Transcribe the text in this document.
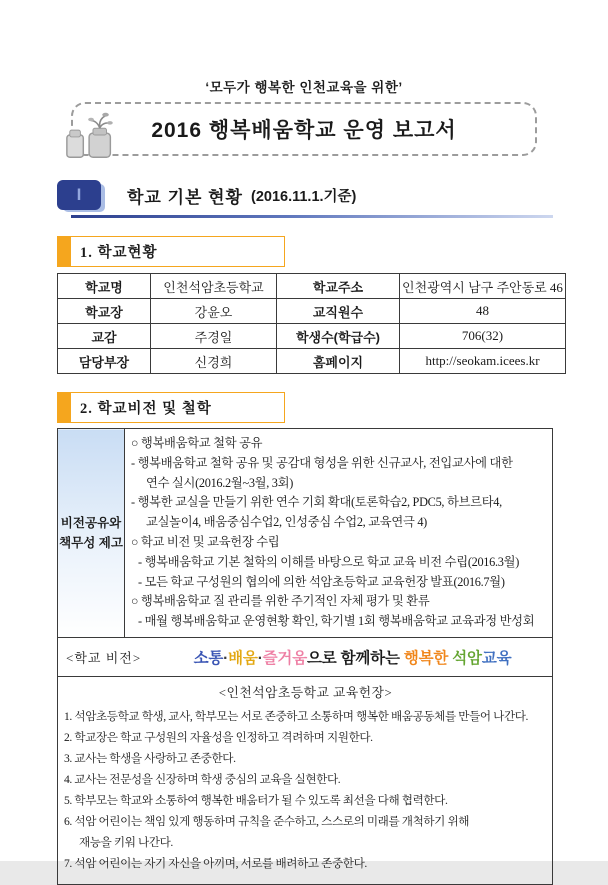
‘모두가 행복한 인천교육을 위한’
2016 행복배움학교 운영 보고서
I	학교 기본 현황 (2016.11.1.기준)
1. 학교현황
학교명	인천석암초등학교	학교주소	인천광역시 남구 주안동로 46
학교장	강윤오	교직원수	48
교감	주경일	학생수(학급수)	706(32)
담당부장	신경희	홈페이지	http://seokam.icees.kr
2. 학교비전 및 철학
비전공유와
책무성 제고

○ 행복배움학교 철학 공유
- 행복배움학교 철학 공유 및 공감대 형성을 위한 신규교사, 전입교사에 대한
연수 실시(2016.2월~3월, 3회)
- 행복한 교실을 만들기 위한 연수 기회 확대(토론학습2, PDC5, 하브르타4,
교실놀이4, 배움중심수업2, 인성중심 수업2, 교육연극 4)
○ 학교 비전 및 교육헌장 수립
- 행복배움학교 기본 철학의 이해를 바탕으로 학교 교육 비전 수립(2016.3월)
- 모든 학교 구성원의 협의에 의한 석암초등학교 교육헌장 발표(2016.7월)
○ 행복배움학교 질 관리를 위한 주기적인 자체 평가 및 환류
- 매월 행복배움학교 운영현황 확인, 학기별 1회 행복배움학교 교육과정 반성회

<학교 비전>	소통·배움·즐거움으로 함께하는 행복한 석암교육

<인천석암초등학교 교육헌장>
1. 석암초등학교 학생, 교사, 학부모는 서로 존중하고 소통하며 행복한 배움공동체를 만들어 나간다.
2. 학교장은 학교 구성원의 자율성을 인정하고 격려하며 지원한다.
3. 교사는 학생을 사랑하고 존중한다.
4. 교사는 전문성을 신장하며 학생 중심의 교육을 실현한다.
5. 학부모는 학교와 소통하여 행복한 배움터가 될 수 있도록 최선을 다해 협력한다.
6. 석암 어린이는 책임 있게 행동하며 규칙을 준수하고, 스스로의 미래를 개척하기 위해
재능을 키워 나간다.
7. 석암 어린이는 자기 자신을 아끼며, 서로를 배려하고 존중한다.
